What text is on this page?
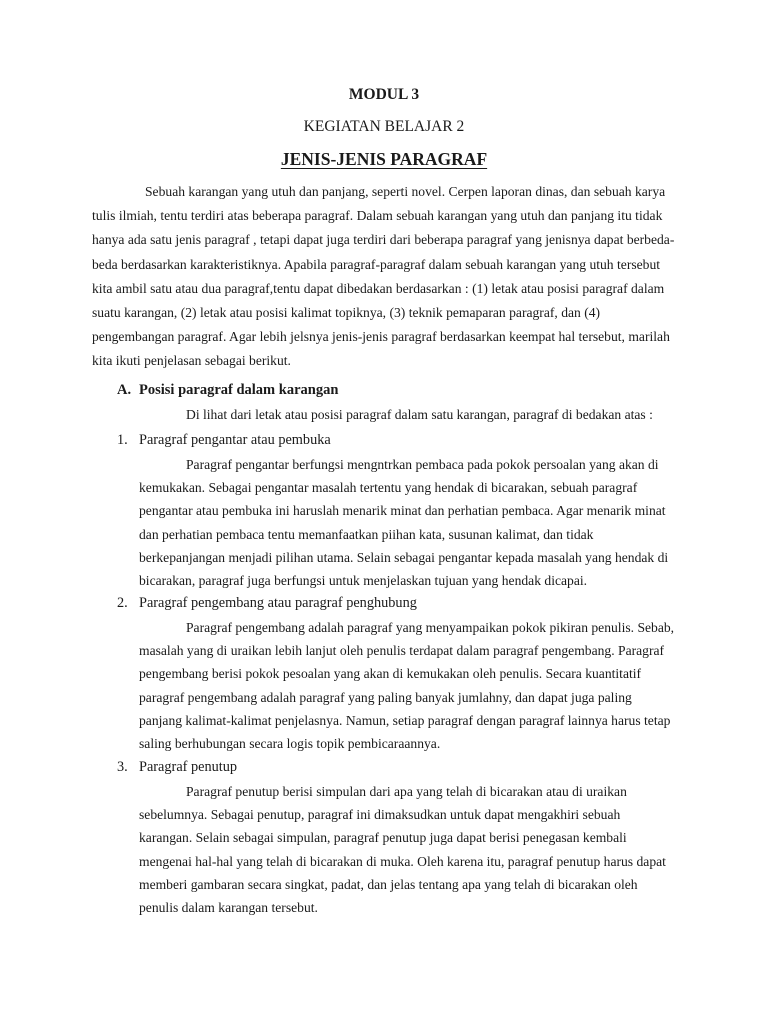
MODUL 3
KEGIATAN BELAJAR 2
JENIS-JENIS PARAGRAF

Sebuah karangan yang utuh dan panjang, seperti novel. Cerpen laporan dinas, dan sebuah karya tulis ilmiah, tentu terdiri atas beberapa paragraf. Dalam sebuah karangan yang utuh dan panjang itu tidak hanya ada satu jenis paragraf , tetapi dapat juga terdiri dari beberapa paragraf yang jenisnya dapat berbeda-beda berdasarkan karakteristiknya. Apabila paragraf-paragraf dalam sebuah karangan yang utuh tersebut kita ambil satu atau dua paragraf,tentu dapat dibedakan berdasarkan : (1) letak atau posisi paragraf dalam suatu karangan, (2) letak atau posisi kalimat topiknya, (3) teknik pemaparan paragraf, dan (4) pengembangan paragraf. Agar lebih jelsnya jenis-jenis paragraf berdasarkan keempat hal tersebut, marilah kita ikuti penjelasan sebagai berikut.

A. Posisi paragraf dalam karangan

Di lihat dari letak atau posisi paragraf dalam satu karangan, paragraf di bedakan atas :

1. Paragraf pengantar atau pembuka

Paragraf pengantar berfungsi mengntrkan pembaca pada pokok persoalan yang akan di kemukakan. Sebagai pengantar masalah tertentu yang hendak di bicarakan, sebuah paragraf pengantar atau pembuka ini haruslah menarik minat dan perhatian pembaca. Agar menarik minat dan perhatian pembaca tentu memanfaatkan piihan kata, susunan kalimat, dan tidak berkepanjangan menjadi pilihan utama. Selain sebagai pengantar kepada masalah yang hendak di bicarakan, paragraf juga berfungsi untuk menjelaskan tujuan yang hendak dicapai.

2. Paragraf pengembang atau paragraf penghubung

Paragraf pengembang adalah paragraf yang menyampaikan pokok pikiran penulis. Sebab, masalah yang di uraikan lebih lanjut oleh penulis terdapat dalam paragraf pengembang. Paragraf pengembang berisi pokok pesoalan yang akan di kemukakan oleh penulis. Secara kuantitatif paragraf pengembang adalah paragraf yang paling banyak jumlahny, dan dapat juga paling panjang kalimat-kalimat penjelasnya. Namun, setiap paragraf dengan paragraf lainnya harus tetap saling berhubungan secara logis topik pembicaraannya.

3. Paragraf penutup

Paragraf penutup berisi simpulan dari apa yang telah di bicarakan atau di uraikan sebelumnya. Sebagai penutup, paragraf ini dimaksudkan untuk dapat mengakhiri sebuah karangan. Selain sebagai simpulan, paragraf penutup juga dapat berisi penegasan kembali mengenai hal-hal yang telah di bicarakan di muka. Oleh karena itu, paragraf penutup harus dapat memberi gambaran secara singkat, padat, dan jelas tentang apa yang telah di bicarakan oleh penulis dalam karangan tersebut.
